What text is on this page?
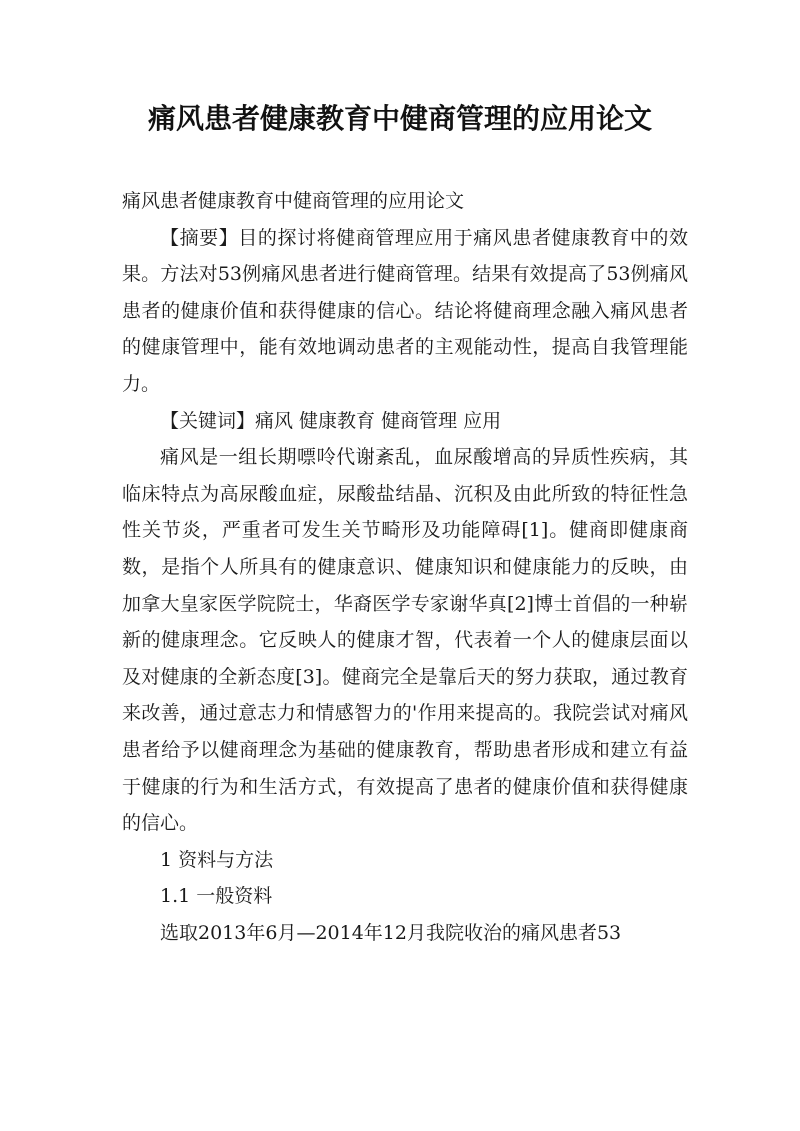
痛风患者健康教育中健商管理的应用论文

痛风患者健康教育中健商管理的应用论文

【摘要】目的探讨将健商管理应用于痛风患者健康教育中的效果。方法对53例痛风患者进行健商管理。结果有效提高了53例痛风患者的健康价值和获得健康的信心。结论将健商理念融入痛风患者的健康管理中，能有效地调动患者的主观能动性，提高自我管理能力。

【关键词】痛风 健康教育 健商管理 应用

痛风是一组长期嘌呤代谢紊乱，血尿酸增高的异质性疾病，其临床特点为高尿酸血症，尿酸盐结晶、沉积及由此所致的特征性急性关节炎，严重者可发生关节畸形及功能障碍[1]。健商即健康商数，是指个人所具有的健康意识、健康知识和健康能力的反映，由加拿大皇家医学院院士，华裔医学专家谢华真[2]博士首倡的一种崭新的健康理念。它反映人的健康才智，代表着一个人的健康层面以及对健康的全新态度[3]。健商完全是靠后天的努力获取，通过教育来改善，通过意志力和情感智力的'作用来提高的。我院尝试对痛风患者给予以健商理念为基础的健康教育，帮助患者形成和建立有益于健康的行为和生活方式，有效提高了患者的健康价值和获得健康的信心。

1 资料与方法

1.1 一般资料

选取2013年6月—2014年12月我院收治的痛风患者53
